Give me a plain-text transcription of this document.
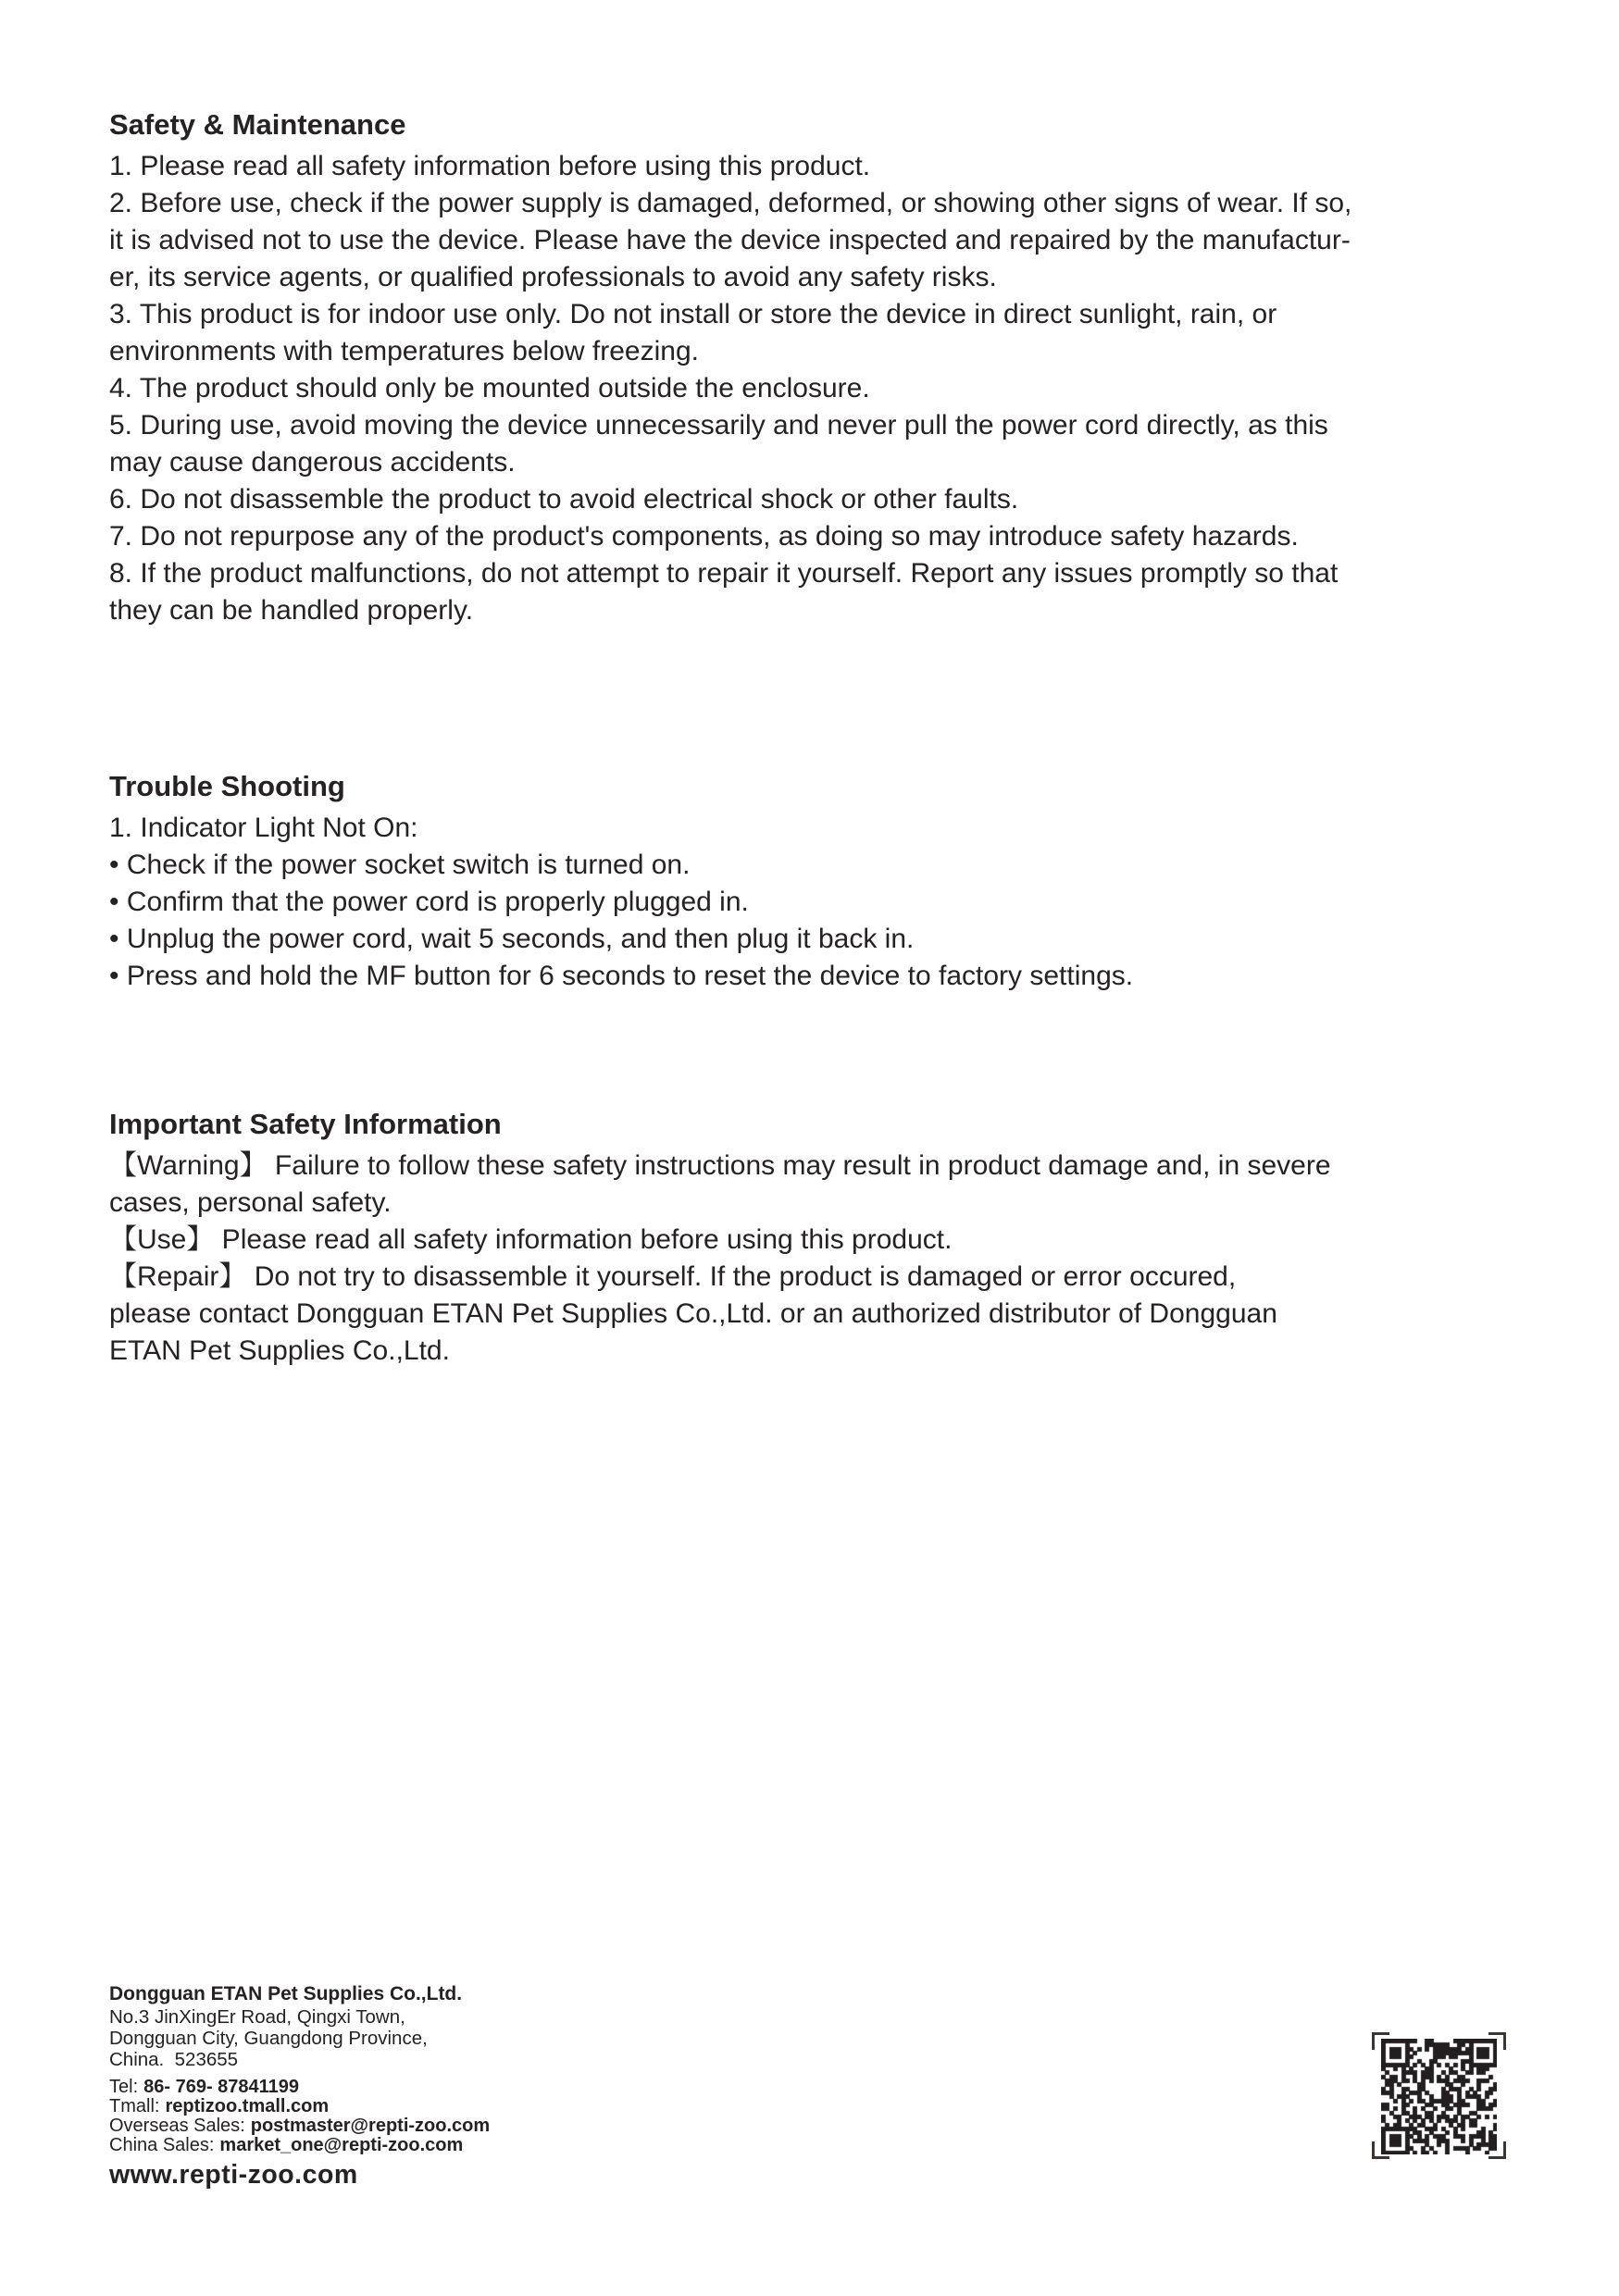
Safety & Maintenance
1. Please read all safety information before using this product.
2. Before use, check if the power supply is damaged, deformed, or showing other signs of wear. If so,
it is advised not to use the device. Please have the device inspected and repaired by the manufactur-
er, its service agents, or qualified professionals to avoid any safety risks.
3. This product is for indoor use only. Do not install or store the device in direct sunlight, rain, or
environments with temperatures below freezing.
4. The product should only be mounted outside the enclosure.
5. During use, avoid moving the device unnecessarily and never pull the power cord directly, as this
may cause dangerous accidents.
6. Do not disassemble the product to avoid electrical shock or other faults.
7. Do not repurpose any of the product's components, as doing so may introduce safety hazards.
8. If the product malfunctions, do not attempt to repair it yourself. Report any issues promptly so that
they can be handled properly.
Trouble Shooting
1. Indicator Light Not On:
• Check if the power socket switch is turned on.
• Confirm that the power cord is properly plugged in.
• Unplug the power cord, wait 5 seconds, and then plug it back in.
• Press and hold the MF button for 6 seconds to reset the device to factory settings.
Important Safety Information
【Warning】 Failure to follow these safety instructions may result in product damage and, in severe
cases, personal safety.
【Use】 Please read all safety information before using this product.
【Repair】 Do not try to disassemble it yourself. If the product is damaged or error occured,
please contact Dongguan ETAN Pet Supplies Co.,Ltd. or an authorized distributor of Dongguan
ETAN Pet Supplies Co.,Ltd.
Dongguan ETAN Pet Supplies Co.,Ltd.
No.3 JinXingEr Road, Qingxi Town,
Dongguan City, Guangdong Province,
China.  523655
Tel: 86- 769- 87841199
Tmall: reptizoo.tmall.com
Overseas Sales: postmaster@repti-zoo.com
China Sales: market_one@repti-zoo.com
www.repti-zoo.com
